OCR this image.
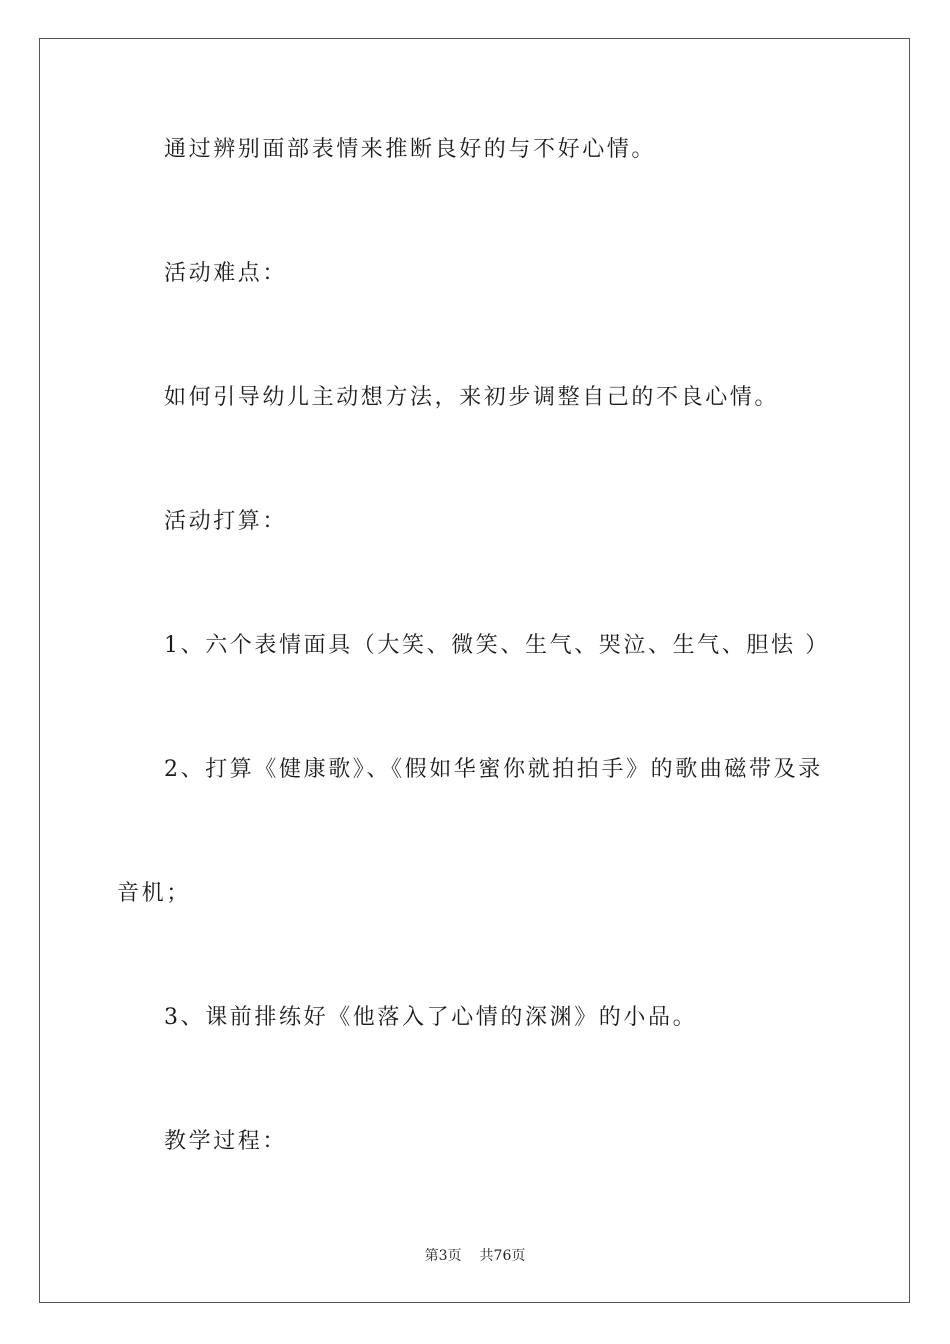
通过辨别面部表情来推断良好的与不好心情。
活动难点：
如何引导幼儿主动想方法，来初步调整自己的不良心情。
活动打算：
1、六个表情面具（大笑、微笑、生气、哭泣、生气、胆怯 ）
2、打算《健康歌》、《假如华蜜你就拍拍手》的歌曲磁带及录
音机；
3、课前排练好《他落入了心情的深渊》的小品。
教学过程：
第3页 共76页
